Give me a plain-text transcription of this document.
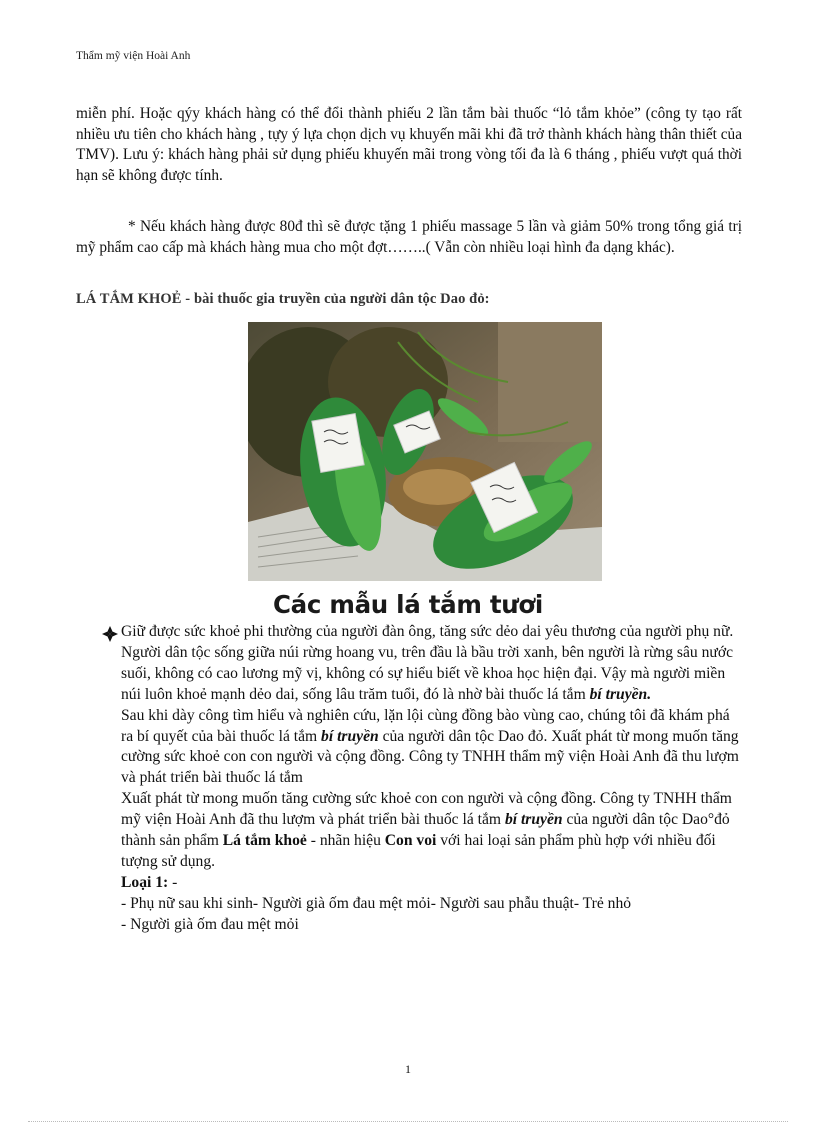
Thẩm mỹ viện Hoài Anh
miễn phí. Hoặc qýy khách hàng có thể đổi thành phiếu 2 lần tắm bài thuốc “lỏ tắm khỏe” (công ty tạo rất nhiều ưu tiên cho khách hàng , tựy ý lựa chọn dịch vụ khuyến mãi khi đã trở thành khách hàng thân thiết của TMV). Lưu ý: khách hàng phải sử dụng phiếu khuyến mãi trong vòng tối đa là 6 tháng , phiếu vượt quá thời hạn sẽ không được tính.
* Nếu khách hàng được 80đ thì sẽ được tặng 1 phiếu massage 5 lần và giảm 50% trong tổng giá trị mỹ phẩm cao cấp mà khách hàng mua cho một đợt……..( Vẫn còn nhiều loại hình đa dạng khác).
LÁ TẮM KHOẺ - bài thuốc gia truyền của người dân tộc Dao đỏ:
Các mẫu lá tắm tươi

Giữ được sức khoẻ phi thường của người đàn ông, tăng sức dẻo dai yêu thương của người phụ nữ. Người dân tộc sống giữa núi rừng hoang vu, trên đầu là bầu trời xanh, bên người là rừng sâu nước suối, không có cao lương mỹ vị, không có sự hiểu biết về khoa học hiện đại. Vậy mà người miền núi luôn khoẻ mạnh dẻo dai, sống lâu trăm tuổi, đó là nhờ bài thuốc lá tắm bí truyền.

Sau khi dày công tìm hiểu và nghiên cứu, lặn lội cùng đồng bào vùng cao, chúng tôi đã khám phá ra bí quyết của bài thuốc lá tắm bí truyền của người dân tộc Dao đỏ. Xuất phát từ mong muốn tăng cường sức khoẻ con con người và cộng đồng. Công ty TNHH thẩm mỹ viện Hoài Anh đã thu lượm và phát triển bài thuốc lá tắm

Xuất phát từ mong muốn tăng cường sức khoẻ con con người và cộng đồng. Công ty TNHH thẩm mỹ viện Hoài Anh đã thu lượm và phát triển bài thuốc lá tắm bí truyền của người dân tộc Dao°đỏ thành sản phẩm Lá tắm khoẻ - nhãn hiệu Con voi với hai loại sản phẩm phù hợp với nhiều đối tượng sử dụng.

Loại 1: -

- Phụ nữ sau khi sinh- Người già ốm đau mệt mỏi- Người sau phẫu thuật- Trẻ nhỏ

- Người già ốm đau mệt mỏi

1
